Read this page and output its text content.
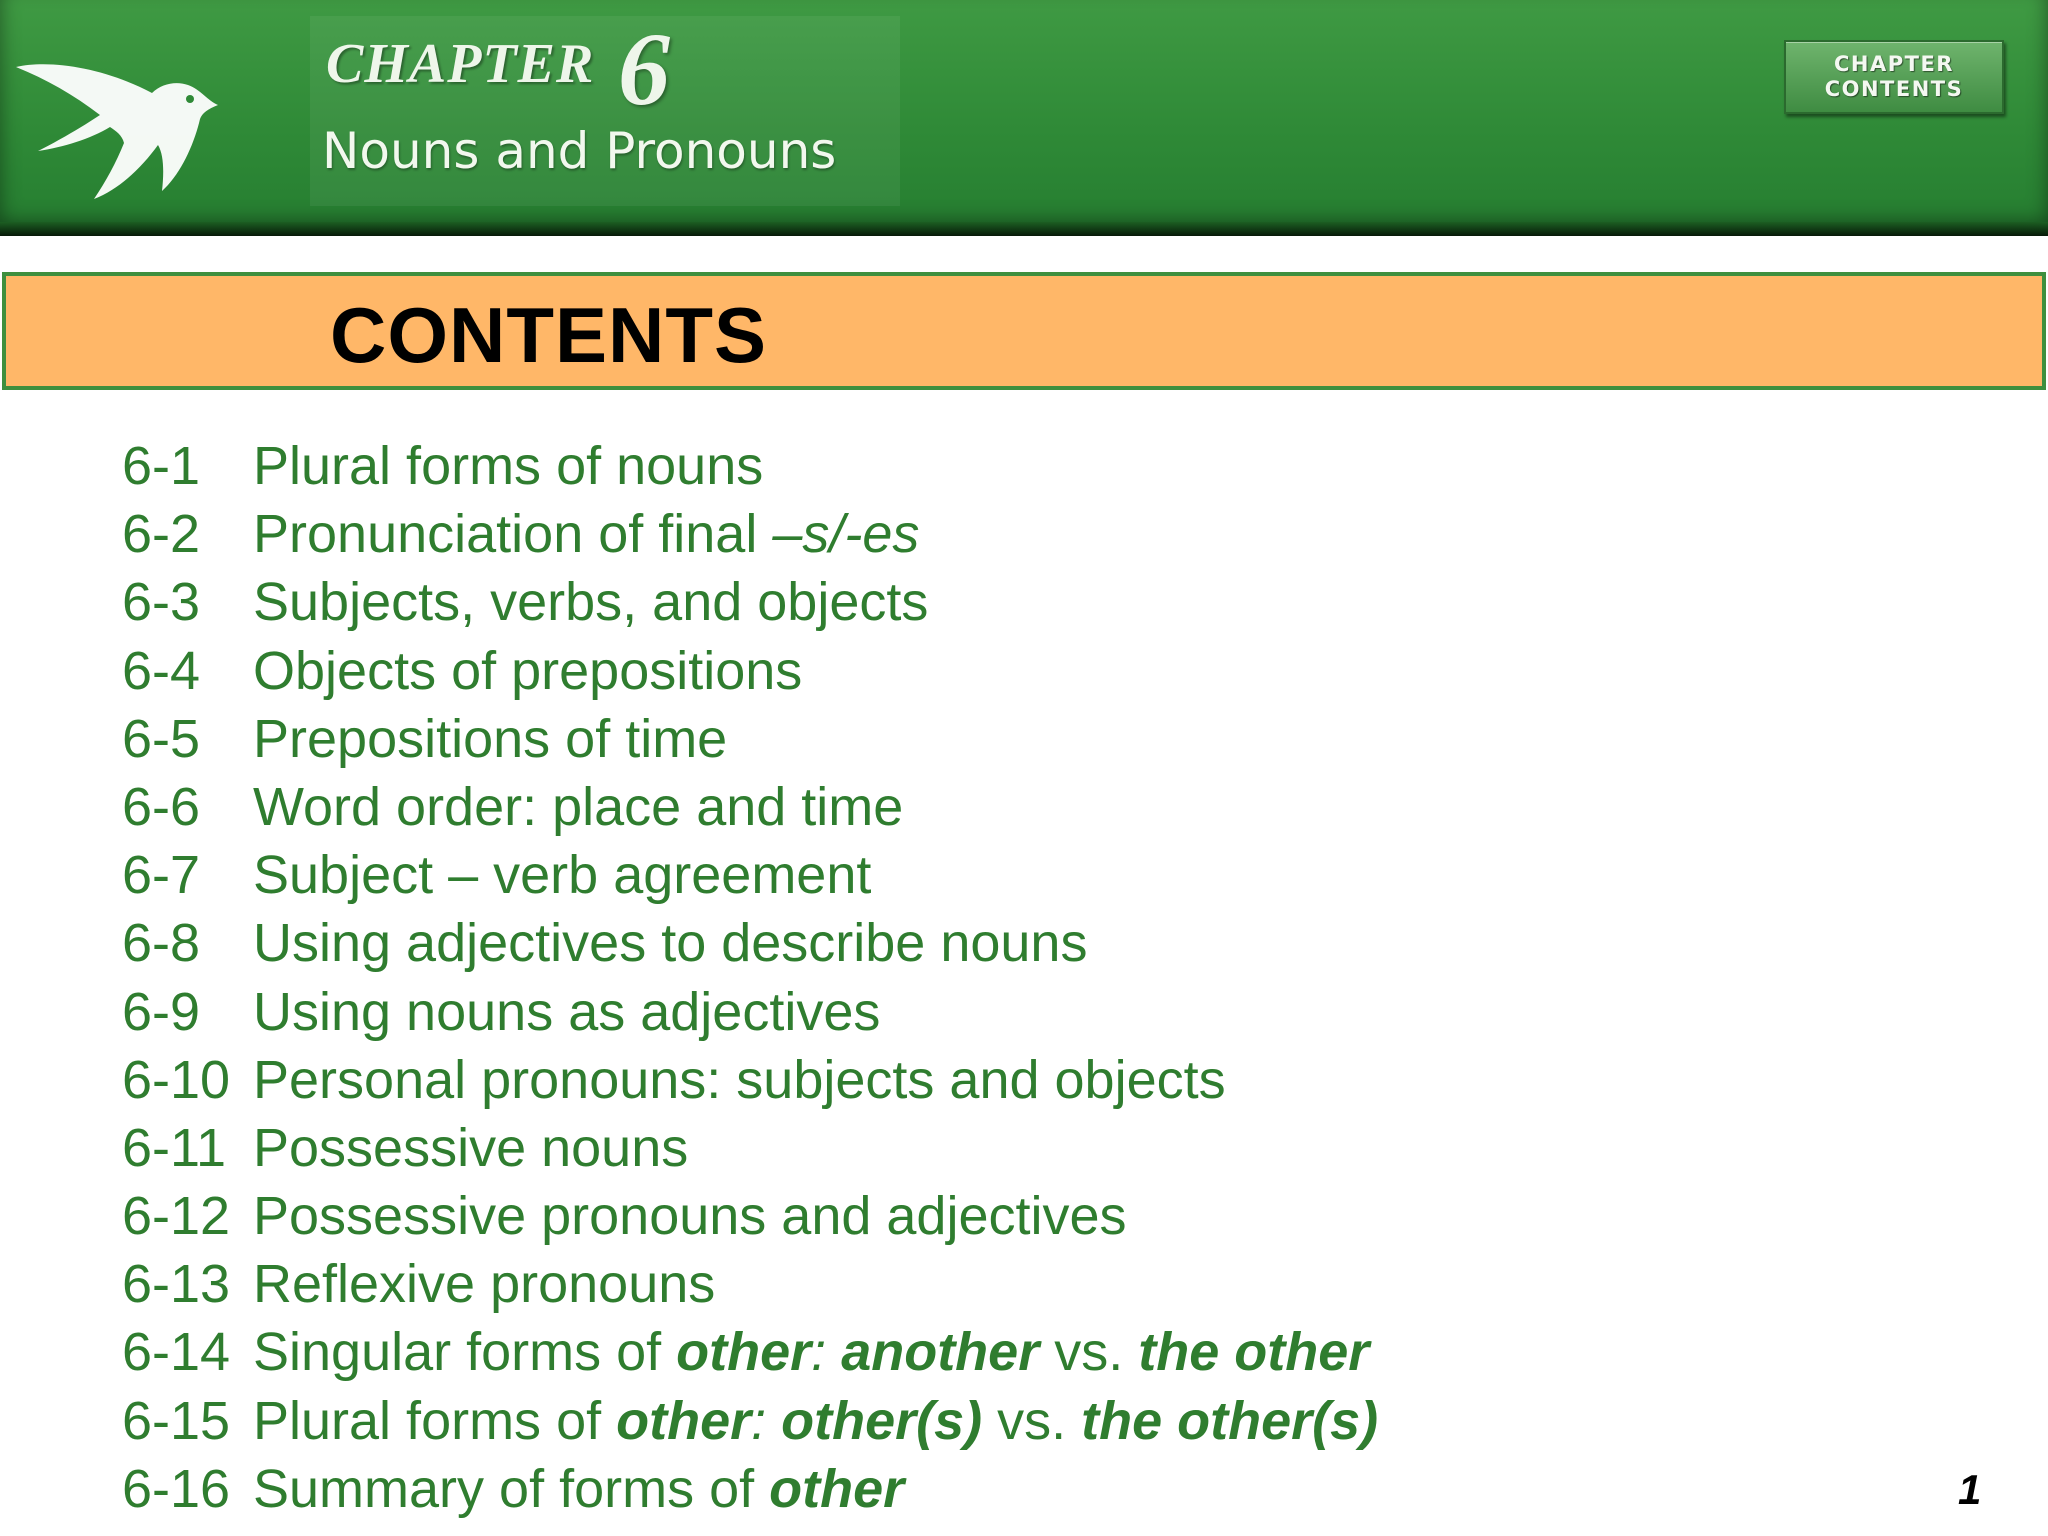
CHAPTER 6
Nouns and Pronouns
CHAPTER
CONTENTS
CONTENTS
6-1 Plural forms of nouns
6-2 Pronunciation of final –s/-es
6-3 Subjects, verbs, and objects
6-4 Objects of prepositions
6-5 Prepositions of time
6-6 Word order: place and time
6-7 Subject – verb agreement
6-8 Using adjectives to describe nouns
6-9 Using nouns as adjectives
6-10 Personal pronouns: subjects and objects
6-11 Possessive nouns
6-12 Possessive pronouns and adjectives
6-13 Reflexive pronouns
6-14 Singular forms of other: another vs. the other
6-15 Plural forms of other: other(s) vs. the other(s)
6-16 Summary of forms of other	1
